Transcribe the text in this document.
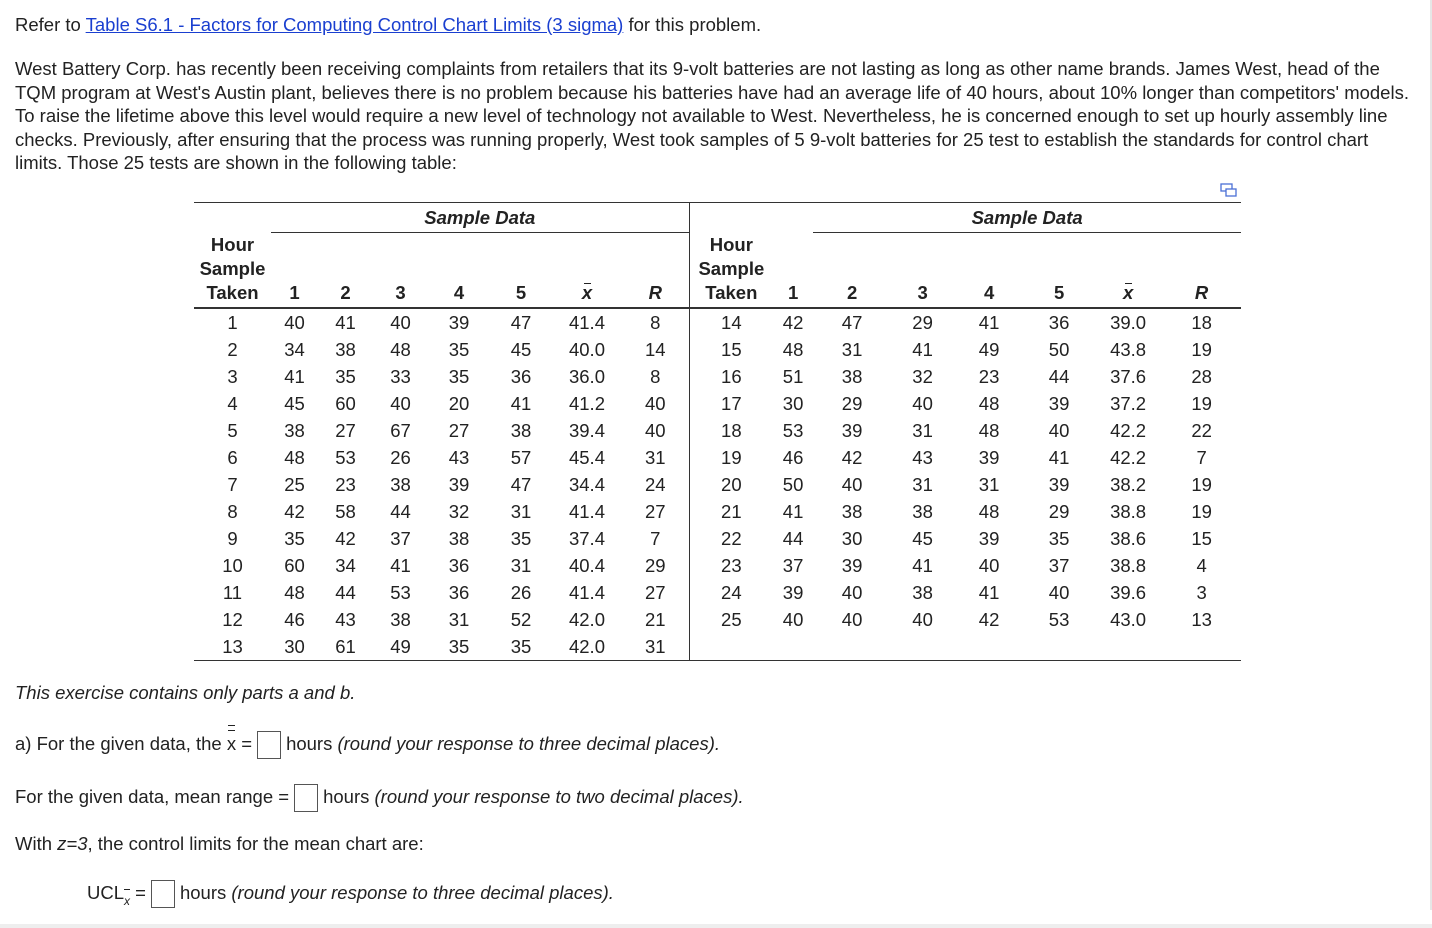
Refer to Table S6.1 - Factors for Computing Control Chart Limits (3 sigma) for this problem.

West Battery Corp. has recently been receiving complaints from retailers that its 9-volt batteries are not lasting as long as other name brands. James West, head of the TQM program at West's Austin plant, believes there is no problem because his batteries have had an average life of 40 hours, about 10% longer than competitors' models. To raise the lifetime above this level would require a new level of technology not available to West. Nevertheless, he is concerned enough to set up hourly assembly line checks. Previously, after ensuring that the process was running properly, West took samples of 5 9-volt batteries for 25 test to establish the standards for control chart limits. Those 25 tests are shown in the following table:

	Sample Data									Sample Data					
Hour								Hour							
Sample								Sample							
Taken	1	2	3	4	5	x	R	Taken	1	2	3	4	5	x	R
1	40	41	40	39	47	41.4	8	14	42	47	29	41	36	39.0	18
2	34	38	48	35	45	40.0	14	15	48	31	41	49	50	43.8	19
3	41	35	33	35	36	36.0	8	16	51	38	32	23	44	37.6	28
4	45	60	40	20	41	41.2	40	17	30	29	40	48	39	37.2	19
5	38	27	67	27	38	39.4	40	18	53	39	31	48	40	42.2	22
6	48	53	26	43	57	45.4	31	19	46	42	43	39	41	42.2	7
7	25	23	38	39	47	34.4	24	20	50	40	31	31	39	38.2	19
8	42	58	44	32	31	41.4	27	21	41	38	38	48	29	38.8	19
9	35	42	37	38	35	37.4	7	22	44	30	45	39	35	38.6	15
10	60	34	41	36	31	40.4	29	23	37	39	41	40	37	38.8	4
11	48	44	53	36	26	41.4	27	24	39	40	38	41	40	39.6	3
12	46	43	38	31	52	42.0	21	25	40	40	40	42	53	43.0	13
13	30	61	49	35	35	42.0	31								
This exercise contains only parts a and b.
a) For the given data, the x = hours (round your response to three decimal places).
For the given data, mean range = hours (round your response to two decimal places).
With z=3, the control limits for the mean chart are:
$UCL_x$ = hours (round your response to three decimal places).
